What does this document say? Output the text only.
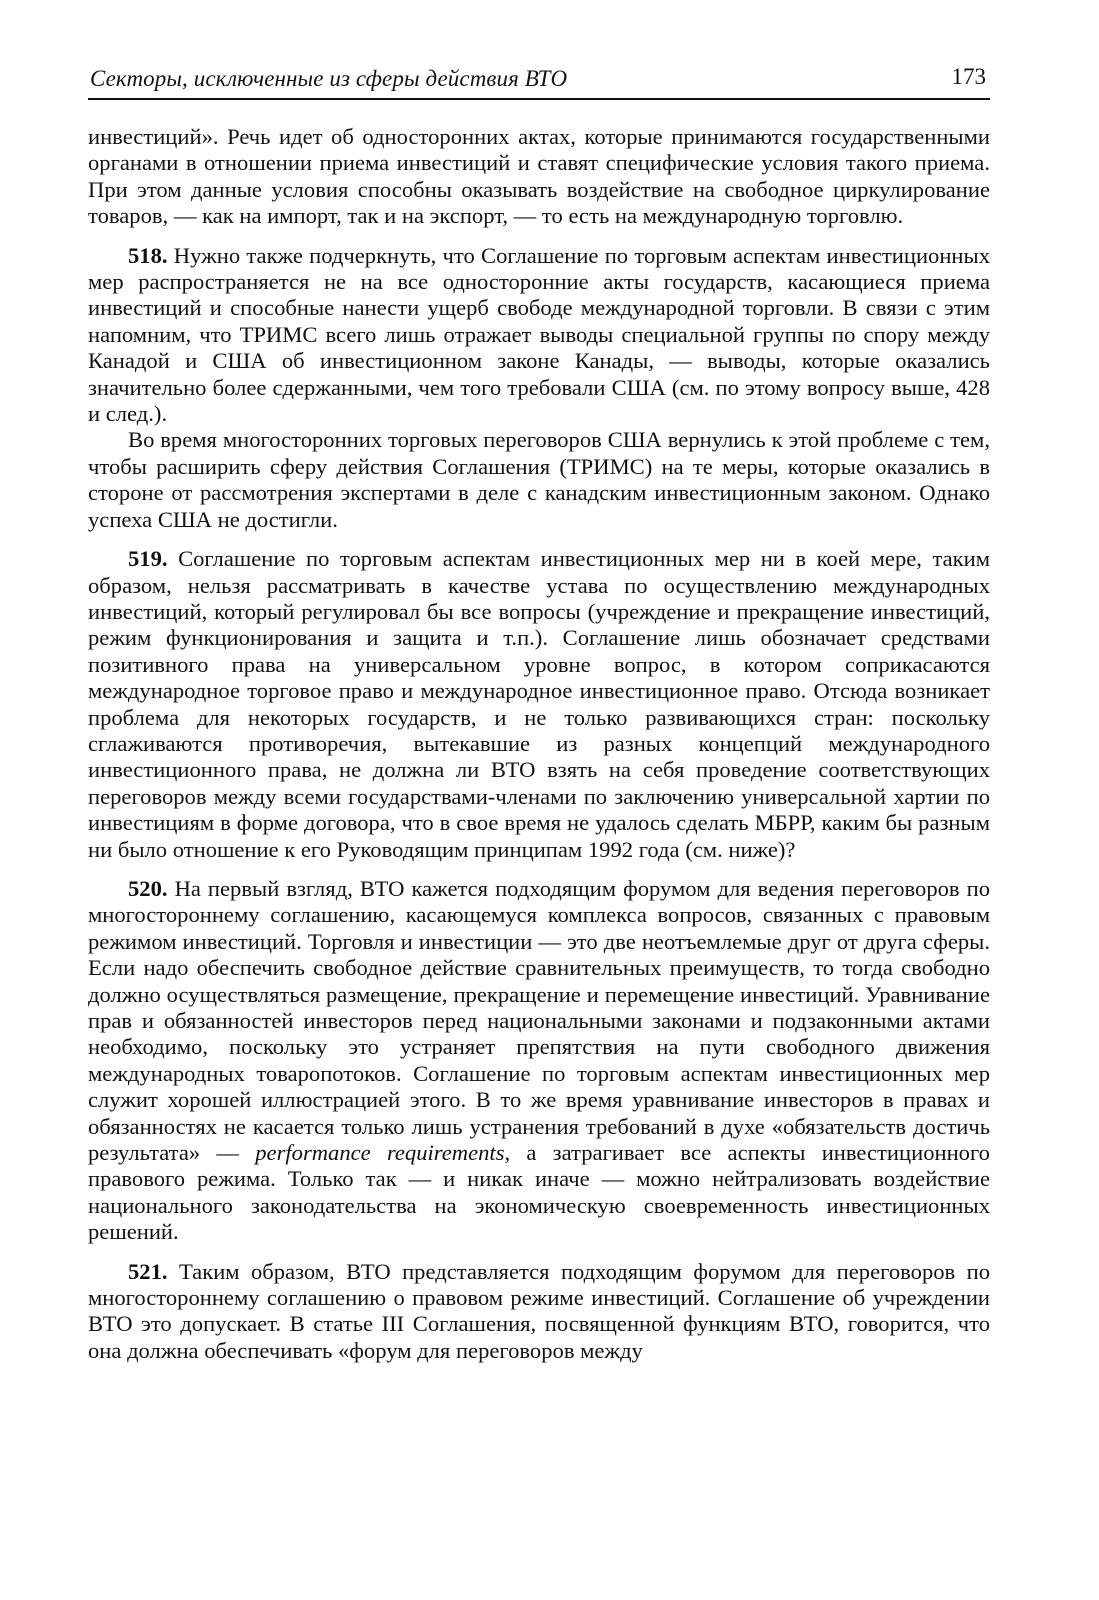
Секторы, исключенные из сферы действия ВТО	173

инвестиций». Речь идет об односторонних актах, которые принимаются государственными органами в отношении приема инвестиций и ставят специфические условия такого приема. При этом данные условия способны оказывать воздействие на свободное циркулирование товаров, — как на импорт, так и на экспорт, — то есть на международную торговлю.

518. Нужно также подчеркнуть, что Соглашение по торговым аспектам инвестиционных мер распространяется не на все односторонние акты государств, касающиеся приема инвестиций и способные нанести ущерб свободе международной торговли. В связи с этим напомним, что ТРИМС всего лишь отражает выводы специальной группы по спору между Канадой и США об инвестиционном законе Канады, — выводы, которые оказались значительно более сдержанными, чем того требовали США (см. по этому вопросу выше, 428 и след.).

Во время многосторонних торговых переговоров США вернулись к этой проблеме с тем, чтобы расширить сферу действия Соглашения (ТРИМС) на те меры, которые оказались в стороне от рассмотрения экспертами в деле с канадским инвестиционным законом. Однако успеха США не достигли.

519. Соглашение по торговым аспектам инвестиционных мер ни в коей мере, таким образом, нельзя рассматривать в качестве устава по осуществлению международных инвестиций, который регулировал бы все вопросы (учреждение и прекращение инвестиций, режим функционирования и защита и т.п.). Соглашение лишь обозначает средствами позитивного права на универсальном уровне вопрос, в котором соприкасаются международное торговое право и международное инвестиционное право. Отсюда возникает проблема для некоторых государств, и не только развивающихся стран: поскольку сглаживаются противоречия, вытекавшие из разных концепций международного инвестиционного права, не должна ли ВТО взять на себя проведение соответствующих переговоров между всеми государствами-членами по заключению универсальной хартии по инвестициям в форме договора, что в свое время не удалось сделать МБРР, каким бы разным ни было отношение к его Руководящим принципам 1992 года (см. ниже)?

520. На первый взгляд, ВТО кажется подходящим форумом для ведения переговоров по многостороннему соглашению, касающемуся комплекса вопросов, связанных с правовым режимом инвестиций. Торговля и инвестиции — это две неотъемлемые друг от друга сферы. Если надо обеспечить свободное действие сравнительных преимуществ, то тогда свободно должно осуществляться размещение, прекращение и перемещение инвестиций. Уравнивание прав и обязанностей инвесторов перед национальными законами и подзаконными актами необходимо, поскольку это устраняет препятствия на пути свободного движения международных товаропотоков. Соглашение по торговым аспектам инвестиционных мер служит хорошей иллюстрацией этого. В то же время уравнивание инвесторов в правах и обязанностях не касается только лишь устранения требований в духе «обязательств достичь результата» — performance requirements, а затрагивает все аспекты инвестиционного правового режима. Только так — и никак иначе — можно нейтрализовать воздействие национального законодательства на экономическую своевременность инвестиционных решений.

521. Таким образом, ВТО представляется подходящим форумом для переговоров по многостороннему соглашению о правовом режиме инвестиций. Соглашение об учреждении ВТО это допускает. В статье III Соглашения, посвященной функциям ВТО, говорится, что она должна обеспечивать «форум для переговоров между
